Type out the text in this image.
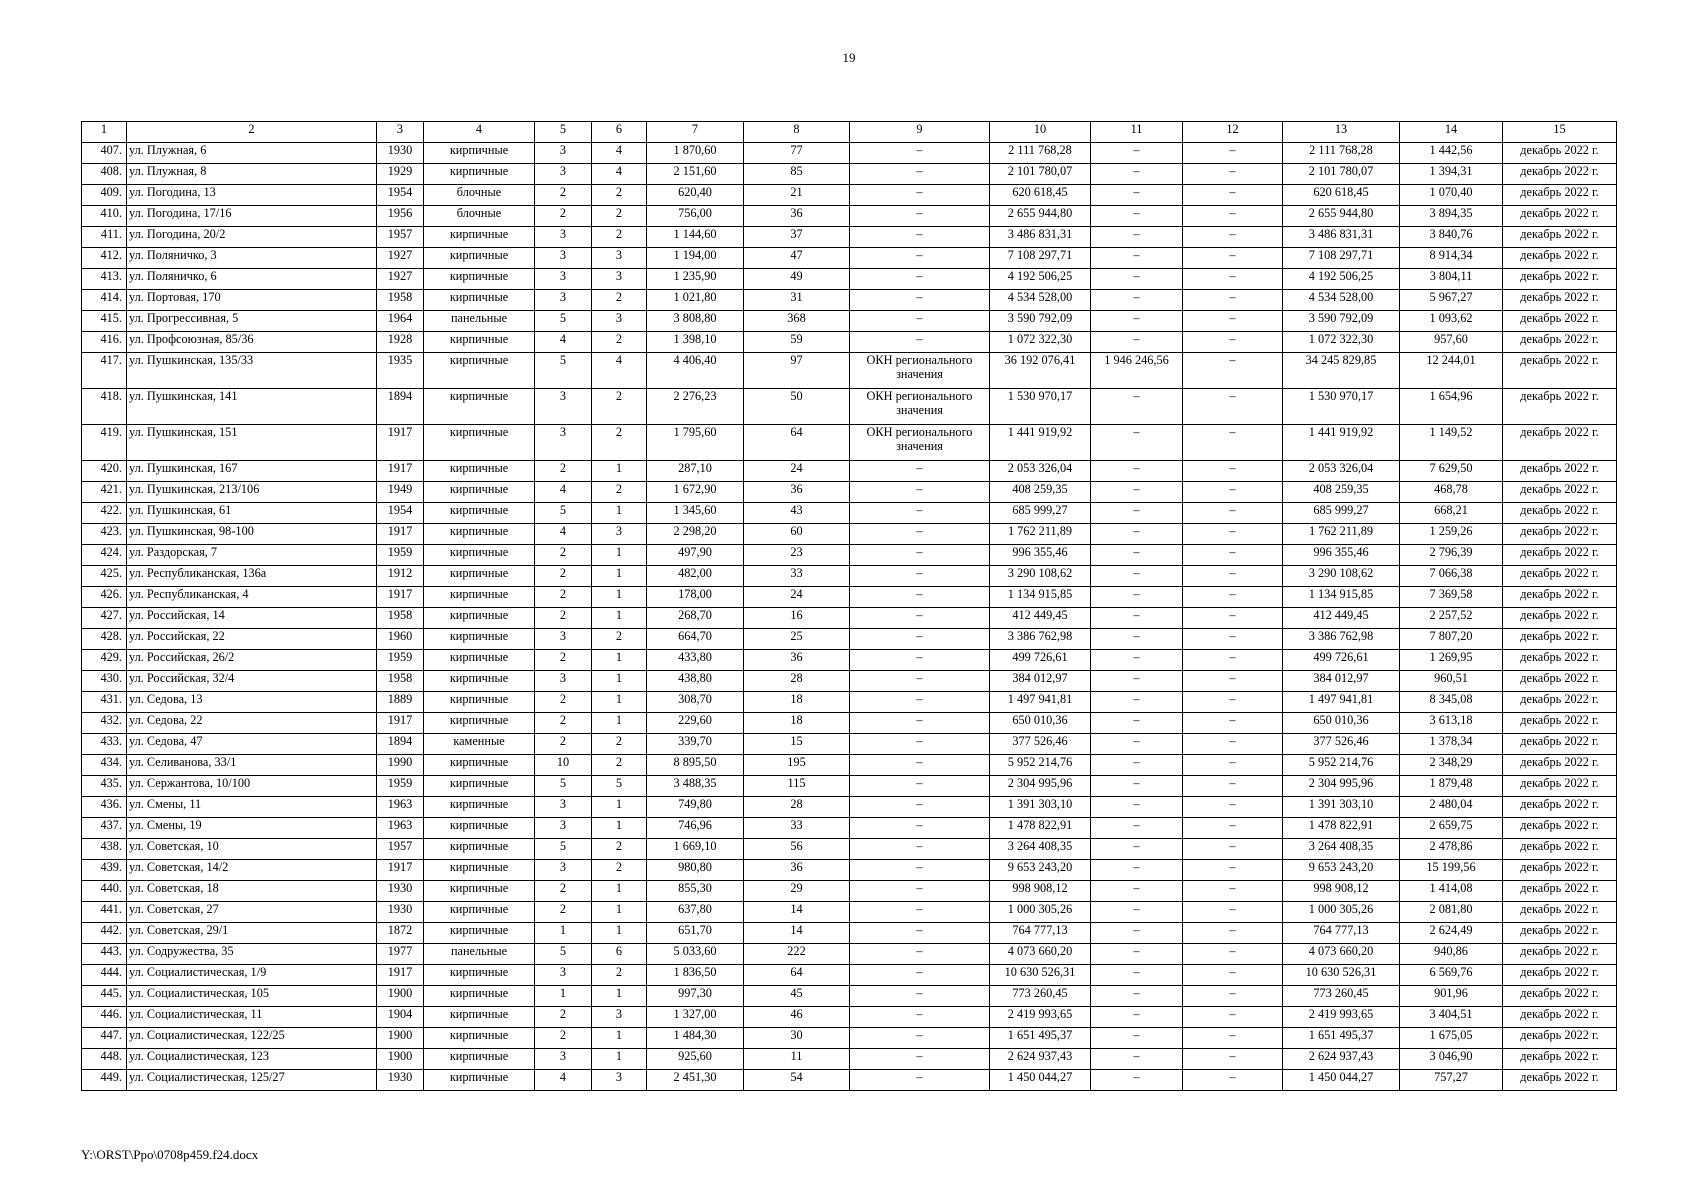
19
1	2	3	4	5	6	7	8	9	10	11	12	13	14	15
407.	ул. Плужная, 6	1930	кирпичные	3	4	1 870,60	77	–	2 111 768,28	–	–	2 111 768,28	1 442,56	декабрь 2022 г.
408.	ул. Плужная, 8	1929	кирпичные	3	4	2 151,60	85	–	2 101 780,07	–	–	2 101 780,07	1 394,31	декабрь 2022 г.
409.	ул. Погодина, 13	1954	блочные	2	2	620,40	21	–	620 618,45	–	–	620 618,45	1 070,40	декабрь 2022 г.
410.	ул. Погодина, 17/16	1956	блочные	2	2	756,00	36	–	2 655 944,80	–	–	2 655 944,80	3 894,35	декабрь 2022 г.
411.	ул. Погодина, 20/2	1957	кирпичные	3	2	1 144,60	37	–	3 486 831,31	–	–	3 486 831,31	3 840,76	декабрь 2022 г.
412.	ул. Поляничко, 3	1927	кирпичные	3	3	1 194,00	47	–	7 108 297,71	–	–	7 108 297,71	8 914,34	декабрь 2022 г.
413.	ул. Поляничко, 6	1927	кирпичные	3	3	1 235,90	49	–	4 192 506,25	–	–	4 192 506,25	3 804,11	декабрь 2022 г.
414.	ул. Портовая, 170	1958	кирпичные	3	2	1 021,80	31	–	4 534 528,00	–	–	4 534 528,00	5 967,27	декабрь 2022 г.
415.	ул. Прогрессивная, 5	1964	панельные	5	3	3 808,80	368	–	3 590 792,09	–	–	3 590 792,09	1 093,62	декабрь 2022 г.
416.	ул. Профсоюзная, 85/36	1928	кирпичные	4	2	1 398,10	59	–	1 072 322,30	–	–	1 072 322,30	957,60	декабрь 2022 г.
417.	ул. Пушкинская, 135/33	1935	кирпичные	5	4	4 406,40	97	ОКН регионального значения	36 192 076,41	1 946 246,56	–	34 245 829,85	12 244,01	декабрь 2022 г.
418.	ул. Пушкинская, 141	1894	кирпичные	3	2	2 276,23	50	ОКН регионального значения	1 530 970,17	–	–	1 530 970,17	1 654,96	декабрь 2022 г.
419.	ул. Пушкинская, 151	1917	кирпичные	3	2	1 795,60	64	ОКН регионального значения	1 441 919,92	–	–	1 441 919,92	1 149,52	декабрь 2022 г.
420.	ул. Пушкинская, 167	1917	кирпичные	2	1	287,10	24	–	2 053 326,04	–	–	2 053 326,04	7 629,50	декабрь 2022 г.
421.	ул. Пушкинская, 213/106	1949	кирпичные	4	2	1 672,90	36	–	408 259,35	–	–	408 259,35	468,78	декабрь 2022 г.
422.	ул. Пушкинская, 61	1954	кирпичные	5	1	1 345,60	43	–	685 999,27	–	–	685 999,27	668,21	декабрь 2022 г.
423.	ул. Пушкинская, 98-100	1917	кирпичные	4	3	2 298,20	60	–	1 762 211,89	–	–	1 762 211,89	1 259,26	декабрь 2022 г.
424.	ул. Раздорская, 7	1959	кирпичные	2	1	497,90	23	–	996 355,46	–	–	996 355,46	2 796,39	декабрь 2022 г.
425.	ул. Республиканская, 136а	1912	кирпичные	2	1	482,00	33	–	3 290 108,62	–	–	3 290 108,62	7 066,38	декабрь 2022 г.
426.	ул. Республиканская, 4	1917	кирпичные	2	1	178,00	24	–	1 134 915,85	–	–	1 134 915,85	7 369,58	декабрь 2022 г.
427.	ул. Российская, 14	1958	кирпичные	2	1	268,70	16	–	412 449,45	–	–	412 449,45	2 257,52	декабрь 2022 г.
428.	ул. Российская, 22	1960	кирпичные	3	2	664,70	25	–	3 386 762,98	–	–	3 386 762,98	7 807,20	декабрь 2022 г.
429.	ул. Российская, 26/2	1959	кирпичные	2	1	433,80	36	–	499 726,61	–	–	499 726,61	1 269,95	декабрь 2022 г.
430.	ул. Российская, 32/4	1958	кирпичные	3	1	438,80	28	–	384 012,97	–	–	384 012,97	960,51	декабрь 2022 г.
431.	ул. Седова, 13	1889	кирпичные	2	1	308,70	18	–	1 497 941,81	–	–	1 497 941,81	8 345,08	декабрь 2022 г.
432.	ул. Седова, 22	1917	кирпичные	2	1	229,60	18	–	650 010,36	–	–	650 010,36	3 613,18	декабрь 2022 г.
433.	ул. Седова, 47	1894	каменные	2	2	339,70	15	–	377 526,46	–	–	377 526,46	1 378,34	декабрь 2022 г.
434.	ул. Селиванова, 33/1	1990	кирпичные	10	2	8 895,50	195	–	5 952 214,76	–	–	5 952 214,76	2 348,29	декабрь 2022 г.
435.	ул. Сержантова, 10/100	1959	кирпичные	5	5	3 488,35	115	–	2 304 995,96	–	–	2 304 995,96	1 879,48	декабрь 2022 г.
436.	ул. Смены, 11	1963	кирпичные	3	1	749,80	28	–	1 391 303,10	–	–	1 391 303,10	2 480,04	декабрь 2022 г.
437.	ул. Смены, 19	1963	кирпичные	3	1	746,96	33	–	1 478 822,91	–	–	1 478 822,91	2 659,75	декабрь 2022 г.
438.	ул. Советская, 10	1957	кирпичные	5	2	1 669,10	56	–	3 264 408,35	–	–	3 264 408,35	2 478,86	декабрь 2022 г.
439.	ул. Советская, 14/2	1917	кирпичные	3	2	980,80	36	–	9 653 243,20	–	–	9 653 243,20	15 199,56	декабрь 2022 г.
440.	ул. Советская, 18	1930	кирпичные	2	1	855,30	29	–	998 908,12	–	–	998 908,12	1 414,08	декабрь 2022 г.
441.	ул. Советская, 27	1930	кирпичные	2	1	637,80	14	–	1 000 305,26	–	–	1 000 305,26	2 081,80	декабрь 2022 г.
442.	ул. Советская, 29/1	1872	кирпичные	1	1	651,70	14	–	764 777,13	–	–	764 777,13	2 624,49	декабрь 2022 г.
443.	ул. Содружества, 35	1977	панельные	5	6	5 033,60	222	–	4 073 660,20	–	–	4 073 660,20	940,86	декабрь 2022 г.
444.	ул. Социалистическая, 1/9	1917	кирпичные	3	2	1 836,50	64	–	10 630 526,31	–	–	10 630 526,31	6 569,76	декабрь 2022 г.
445.	ул. Социалистическая, 105	1900	кирпичные	1	1	997,30	45	–	773 260,45	–	–	773 260,45	901,96	декабрь 2022 г.
446.	ул. Социалистическая, 11	1904	кирпичные	2	3	1 327,00	46	–	2 419 993,65	–	–	2 419 993,65	3 404,51	декабрь 2022 г.
447.	ул. Социалистическая, 122/25	1900	кирпичные	2	1	1 484,30	30	–	1 651 495,37	–	–	1 651 495,37	1 675,05	декабрь 2022 г.
448.	ул. Социалистическая, 123	1900	кирпичные	3	1	925,60	11	–	2 624 937,43	–	–	2 624 937,43	3 046,90	декабрь 2022 г.
449.	ул. Социалистическая, 125/27	1930	кирпичные	4	3	2 451,30	54	–	1 450 044,27	–	–	1 450 044,27	757,27	декабрь 2022 г.
Y:\ORST\Ppo\0708p459.f24.docx
